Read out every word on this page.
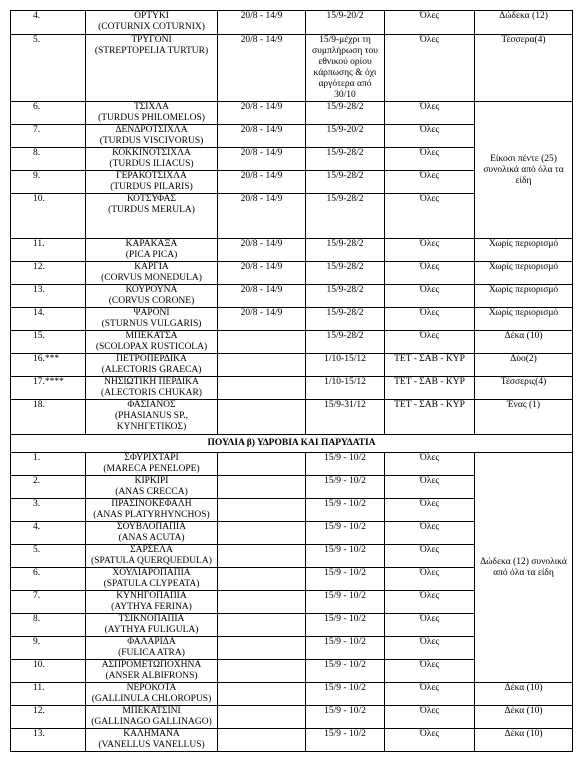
4.	ΟΡΤΥΚΙ
(COTURNIX COTURNIX)	20/8 - 14/9	15/9-20/2	Όλες	Δώδεκα (12)

5.	ΤΡΥΓΟΝΙ
(STREPTOPELIA TURTUR)	20/8 - 14/9	15/9-μέχρι τη συμπλήρωση του εθνικού ορίου κάρπωσης & όχι αργότερα από 30/10	Όλες	Τέσσερα(4)

6.	ΤΣΙΧΛΑ
(TURDUS PHILOMELOS)	20/8 - 14/9	15/9-28/2	Όλες	Είκοσι πέντε (25) συνολικά από όλα τα είδη

7.	ΔΕΝΔΡΟΤΣΙΧΛΑ
(TURDUS VISCIVORUS)	20/8 - 14/9	15/9-20/2	Όλες	

8.	ΚΟΚΚΙΝΟΤΣΙΧΛΑ
(TURDUS ILIACUS)	20/8 - 14/9	15/9-28/2	Όλες	

9.	ΓΕΡΑΚΟΤΣΙΧΛΑ
(TURDUS PILARIS)	20/8 - 14/9	15/9-28/2	Όλες	

10.	ΚΟΤΣΥΦΑΣ
(TURDUS MERULA)	20/8 - 14/9	15/9-28/2	Όλες	

11.	ΚΑΡΑΚΑΞΑ
(PICA PICA)	20/8 - 14/9	15/9-28/2	Όλες	Χωρίς περιορισμό

12.	ΚΑΡΓΙΑ
(CORVUS MONEDULA)	20/8 - 14/9	15/9-28/2	Όλες	Χωρίς περιορισμό

13.	ΚΟΥΡΟΥΝΑ
(CORVUS CORONE)	20/8 - 14/9	15/9-28/2	Όλες	Χωρίς περιορισμό

14.	ΨΑΡΟΝΙ
(STURNUS VULGARIS)	20/8 - 14/9	15/9-28/2	Όλες	Χωρίς περιορισμό

15.	ΜΠΕΚΑΤΣΑ
(SCOLOPAX RUSTICOLA)		15/9-28/2	Όλες	Δέκα (10)

16.***	ΠΕΤΡΟΠΕΡΔΙΚΑ
(ALECTORIS GRAECA)		1/10-15/12	ΤΕΤ - ΣΑΒ - ΚΥΡ	Δύο(2)

17.****	ΝΗΣΙΩΤΙΚΗ ΠΕΡΔΙΚΑ
(ALECTORIS CHUKAR)		1/10-15/12	ΤΕΤ - ΣΑΒ - ΚΥΡ	Τέσσερις(4)

18.	ΦΑΣΙΑΝΟΣ
(PHASIANUS SP., ΚΥΝΗΓΕΤΙΚΟΣ)		15/9-31/12	ΤΕΤ - ΣΑΒ - ΚΥΡ	Ένας (1)

ΠΟΥΛΙΑ β) ΥΔΡΟΒΙΑ ΚΑΙ ΠΑΡΥΔΑΤΙΑ					

1.	ΣΦΥΡΙΧΤΑΡΙ
(MARECA PENELOPE)		15/9 - 10/2	Όλες	Δώδεκα (12) συνολικά από όλα τα είδη

2.	ΚΙΡΚΙΡΙ
(ANAS CRECCA)		15/9 - 10/2	Όλες	

3.	ΠΡΑΣΙΝΟΚΕΦΑΛΗ
(ANAS PLATYRHYNCHOS)		15/9 - 10/2	Όλες	

4.	ΣΟΥΒΛΟΠΑΠΙΑ
(ANAS ACUTA)		15/9 - 10/2	Όλες	

5.	ΣΑΡΣΕΛΑ
(SPATULA QUERQUEDULA)		15/9 - 10/2	Όλες	

6.	ΧΟΥΛΙΑΡΟΠΑΠΙΑ
(SPATULA CLYPEATA)		15/9 - 10/2	Όλες	

7.	ΚΥΝΗΓΟΠΑΠΙΑ
(AYTHYA FERINA)		15/9 - 10/2	Όλες	

8.	ΤΣΙΚΝΟΠΑΠΙΑ
(AYTHYA FULIGULA)		15/9 - 10/2	Όλες	

9.	ΦΑΛΑΡΙΔΑ
(FULICA ATRA)		15/9 - 10/2	Όλες	

10.	ΑΣΠΡΟΜΕΤΩΠΟΧΗΝΑ
(ANSER ALBIFRONS)		15/9 - 10/2	Όλες	

11.	ΝΕΡΟΚΟΤΑ
(GALLINULA CHLOROPUS)		15/9 - 10/2	Όλες	Δέκα (10)

12.	ΜΠΕΚΑΤΣΙΝΙ
(GALLINAGO GALLINAGO)		15/9 - 10/2	Όλες	Δέκα (10)

13.	ΚΑΛΗΜΑΝΑ
(VANELLUS VANELLUS)		15/9 - 10/2	Όλες	Δέκα (10)
